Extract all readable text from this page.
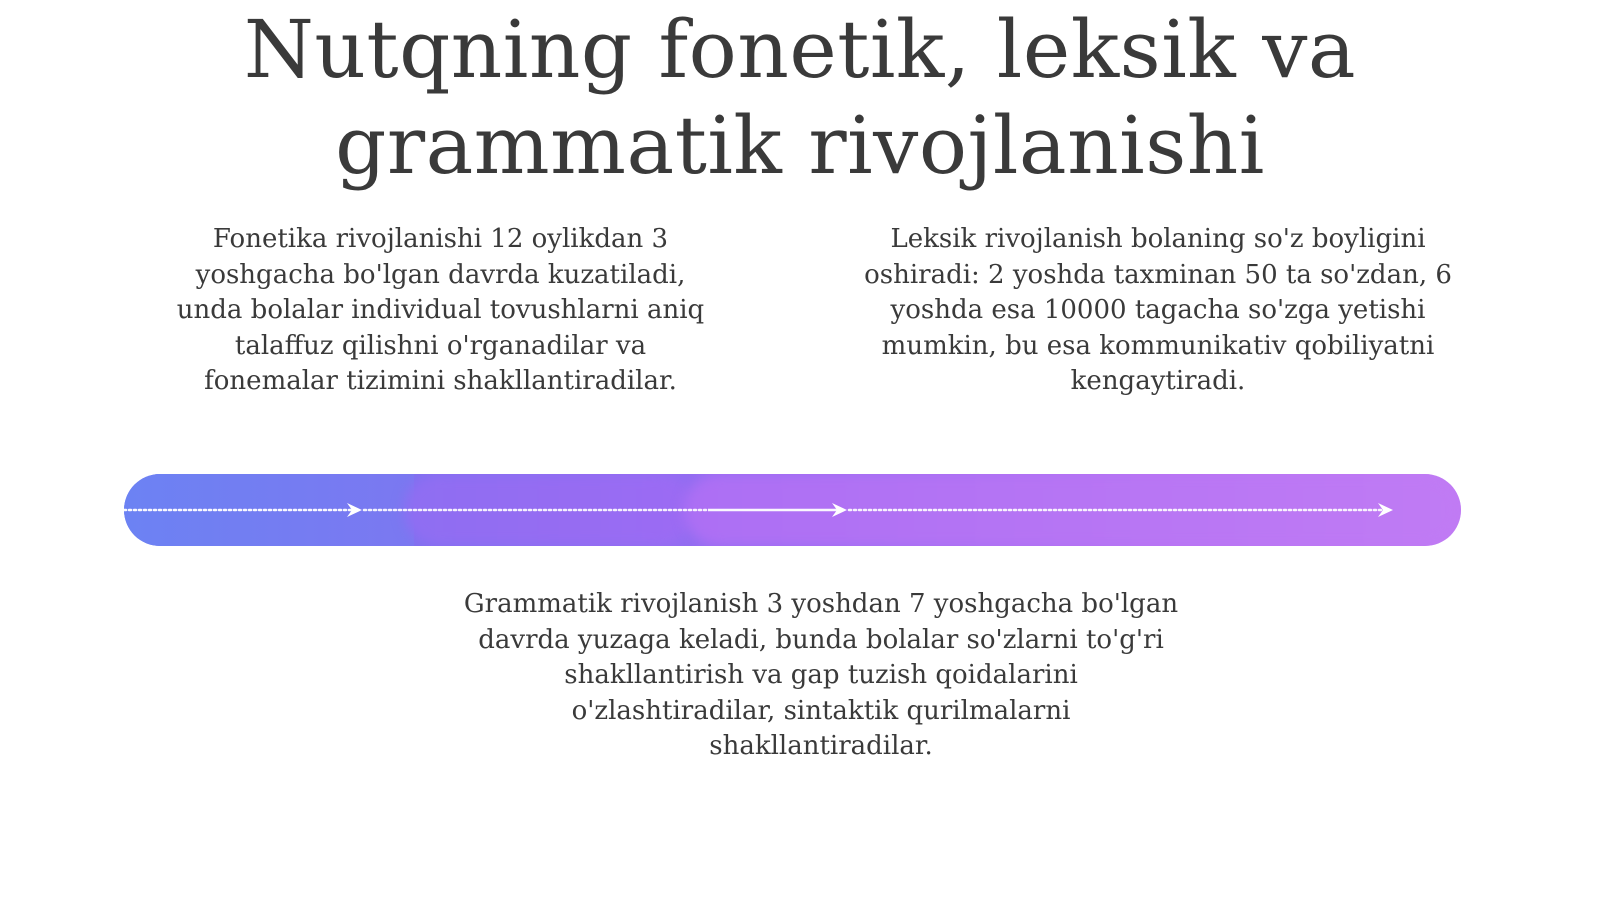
Nutqning fonetik, leksik va grammatik rivojlanishi

Fonetika rivojlanishi 12 oylikdan 3 yoshgacha bo'lgan davrda kuzatiladi, unda bolalar individual tovushlarni aniq talaffuz qilishni o'rganadilar va fonemalar tizimini shakllantiradilar.

Leksik rivojlanish bolaning so'z boyligini oshiradi: 2 yoshda taxminan 50 ta so'zdan, 6 yoshda esa 10000 tagacha so'zga yetishi mumkin, bu esa kommunikativ qobiliyatni kengaytiradi.

Grammatik rivojlanish 3 yoshdan 7 yoshgacha bo'lgan davrda yuzaga keladi, bunda bolalar so'zlarni to'g'ri shakllantirish va gap tuzish qoidalarini o'zlashtiradilar, sintaktik qurilmalarni shakllantiradilar.
